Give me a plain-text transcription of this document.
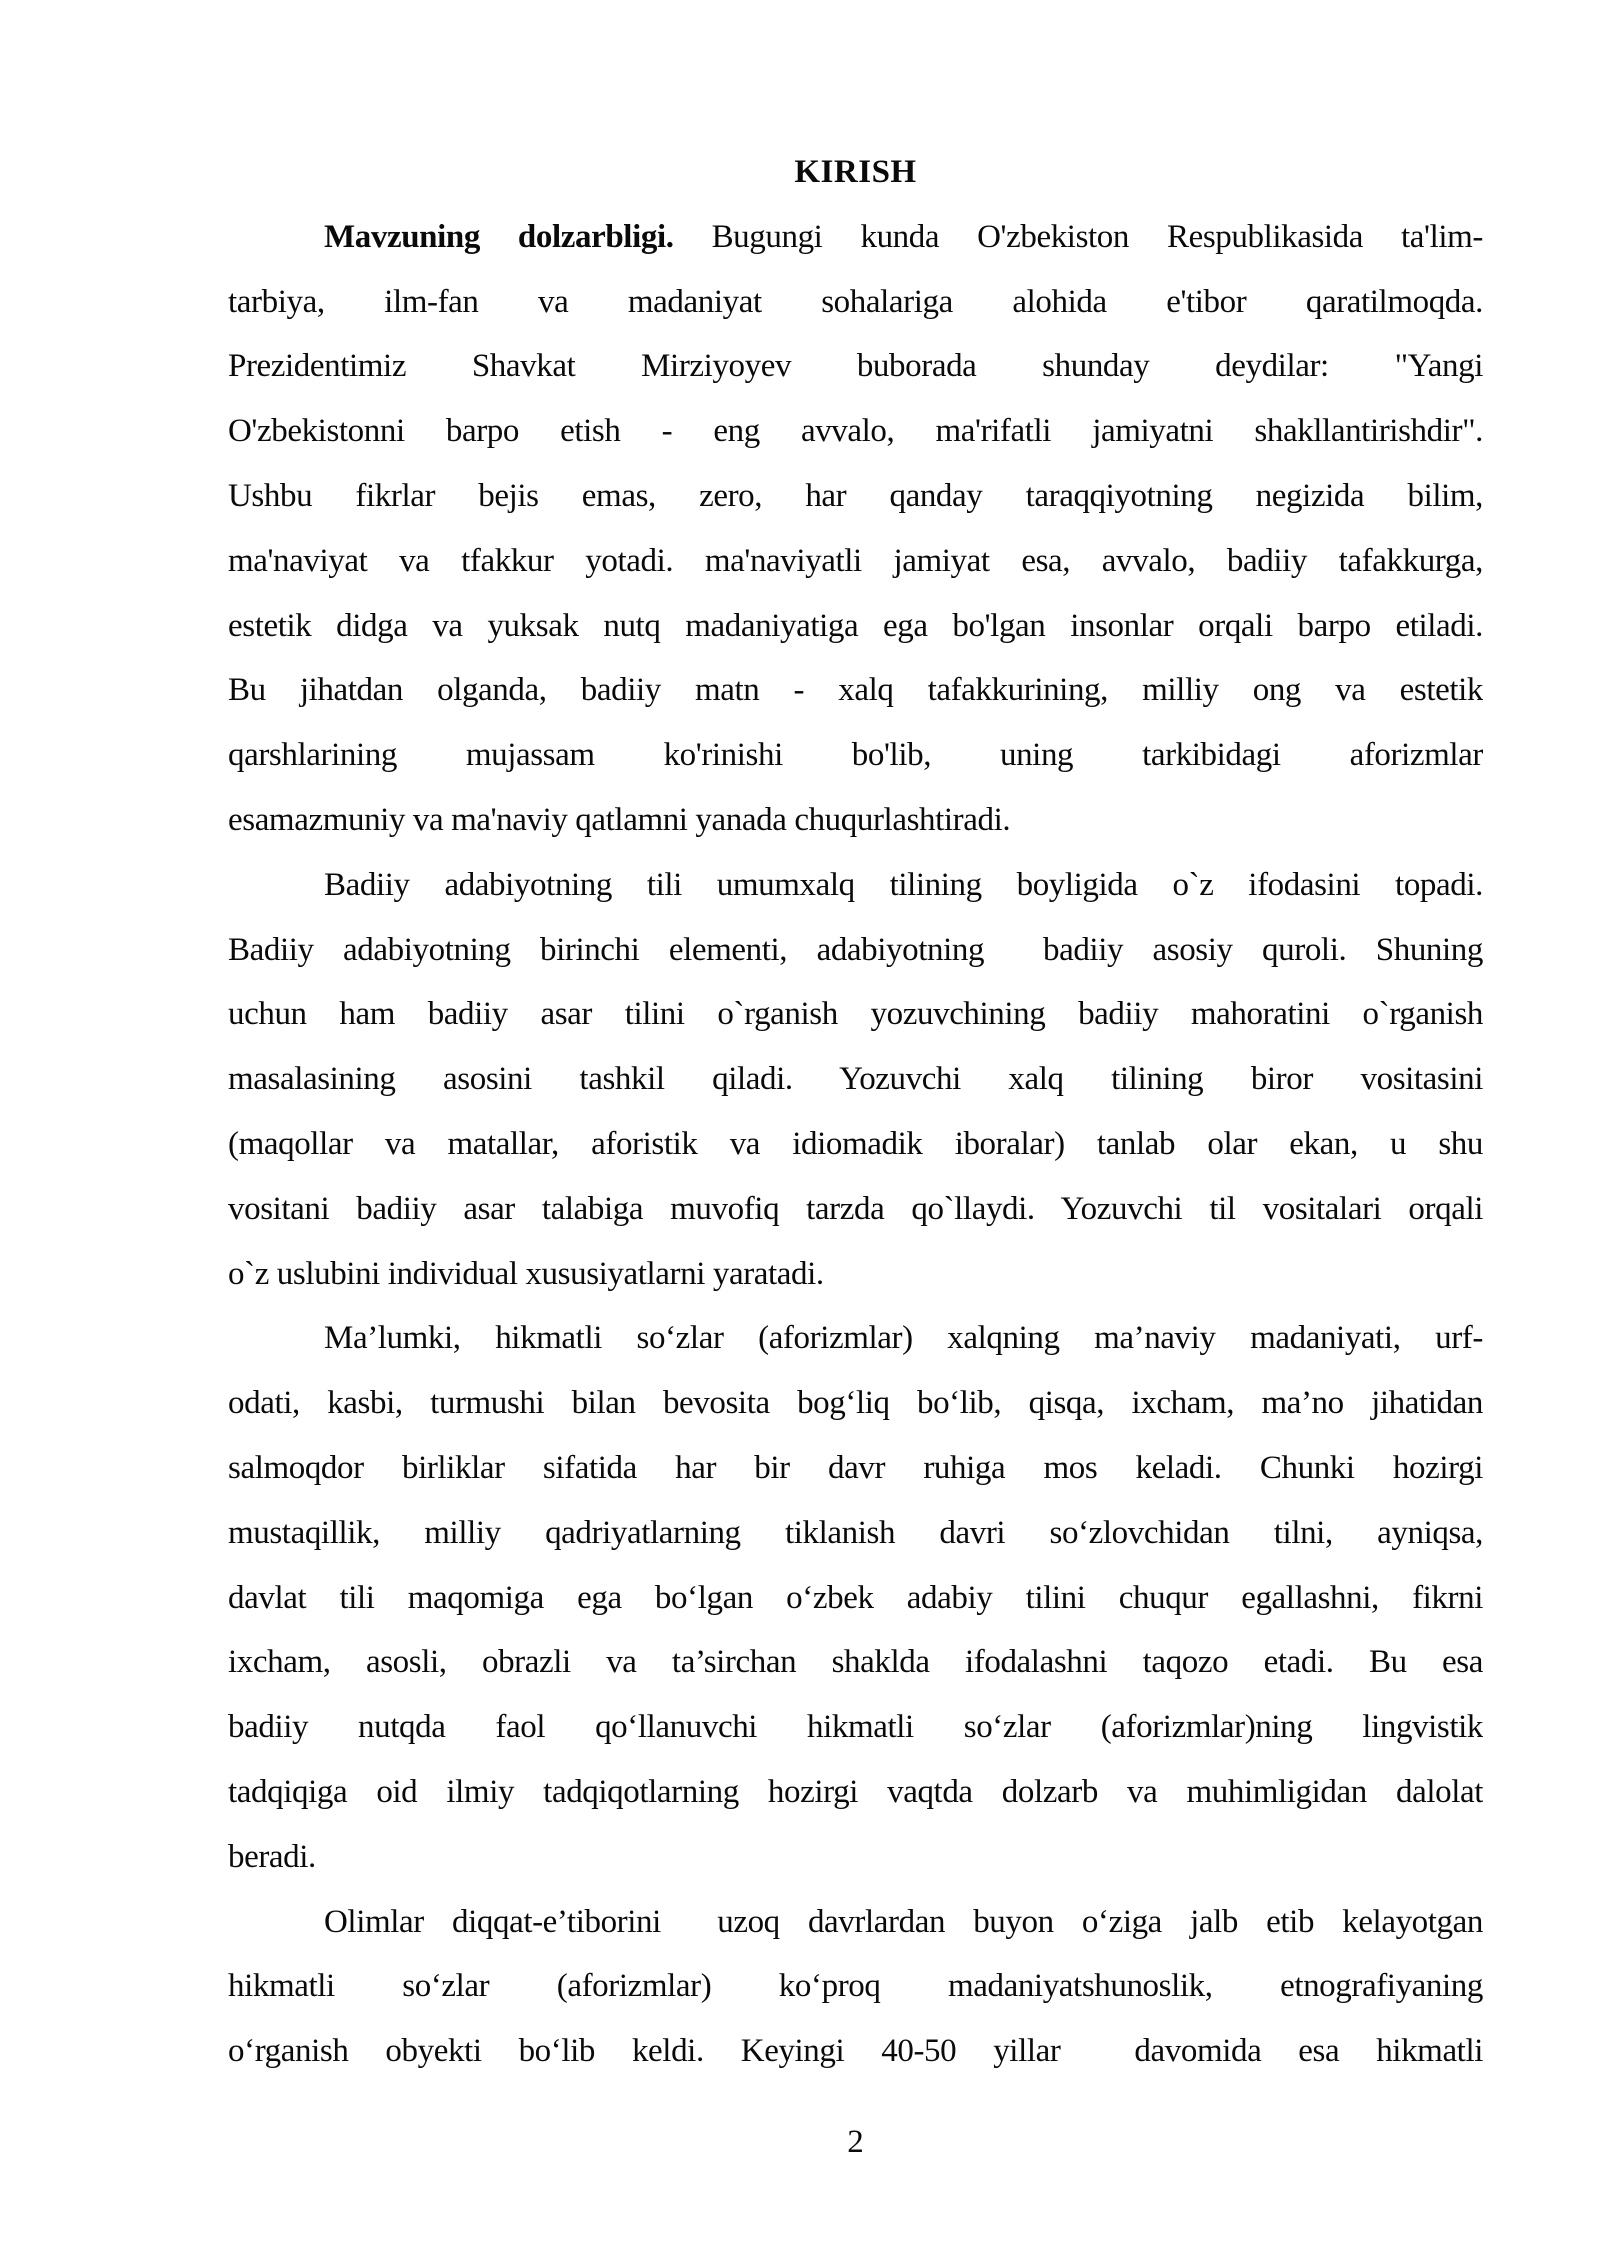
KIRISH
Mavzuning dolzarbligi. Bugungi kunda O'zbekiston Respublikasida ta'lim-
tarbiya,  ilm-fan  va  madaniyat  sohalariga  alohida  e'tibor  qaratilmoqda.
Prezidentimiz  Shavkat  Mirziyoyev  buborada  shunday  deydilar:  "Yangi
O'zbekistonni barpo etish - eng avvalo, ma'rifatli jamiyatni shakllantirishdir".
Ushbu fikrlar bejis emas, zero, har qanday taraqqiyotning negizida bilim,
ma'naviyat va tfakkur yotadi. ma'naviyatli jamiyat esa, avvalo, badiiy tafakkurga,
estetik didga va yuksak nutq madaniyatiga ega bo'lgan insonlar orqali barpo etiladi.
Bu jihatdan olganda, badiiy matn - xalq tafakkurining, milliy ong va estetik
qarshlarining  mujassam  ko'rinishi  bo'lib,  uning  tarkibidagi  aforizmlar
esamazmuniy va ma'naviy qatlamni yanada chuqurlashtiradi.
Badiiy adabiyotning tili umumxalq tilining boyligida o`z ifodasini topadi.
Badiiy adabiyotning birinchi elementi, adabiyotning  badiiy asosiy quroli. Shuning
uchun ham badiiy asar tilini o`rganish yozuvchining badiiy mahoratini o`rganish
masalasining  asosini  tashkil  qiladi.  Yozuvchi  xalq  tilining  biror  vositasini
(maqollar va matallar, aforistik va idiomadik iboralar) tanlab olar ekan, u shu
vositani badiiy asar talabiga muvofiq tarzda qo`llaydi. Yozuvchi til vositalari orqali
o`z uslubini individual xususiyatlarni yaratadi.
Ma’lumki, hikmatli so‘zlar (aforizmlar) xalqning ma’naviy madaniyati, urf-
odati, kasbi, turmushi bilan bevosita bog‘liq bo‘lib, qisqa, ixcham, ma’no jihatidan
salmoqdor  birliklar  sifatida  har  bir  davr  ruhiga  mos  keladi.  Chunki  hozirgi
mustaqillik,  milliy  qadriyatlarning  tiklanish  davri  so‘zlovchidan  tilni,  ayniqsa,
davlat tili maqomiga ega bo‘lgan o‘zbek adabiy tilini chuqur egallashni, fikrni
ixcham,  asosli,  obrazli  va  ta’sirchan  shaklda  ifodalashni  taqozo  etadi.  Bu  esa
badiiy  nutqda  faol  qo‘llanuvchi  hikmatli  so‘zlar  (aforizmlar)ning  lingvistik
tadqiqiga oid ilmiy tadqiqotlarning hozirgi vaqtda dolzarb va muhimligidan dalolat
beradi.
Olimlar diqqat-e’tiborini  uzoq davrlardan buyon o‘ziga jalb etib kelayotgan
hikmatli  so‘zlar  (aforizmlar)  ko‘proq  madaniyatshunoslik,  etnografiyaning
o‘rganish obyekti bo‘lib keldi. Keyingi 40-50 yillar  davomida esa hikmatli
2
